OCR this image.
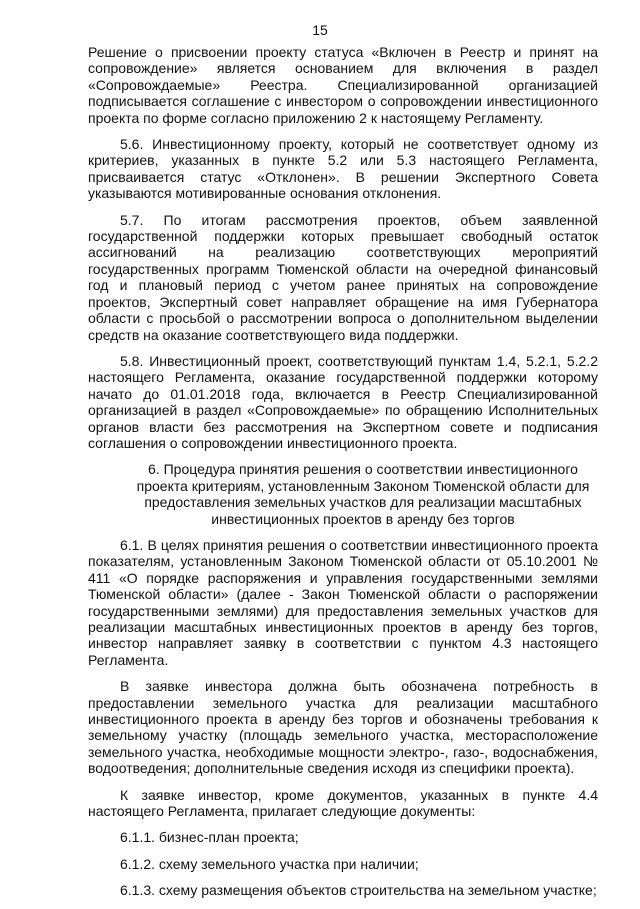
15

Решение о присвоении проекту статуса «Включен в Реестр и принят на сопровождение» является основанием для включения в раздел «Сопровождаемые» Реестра. Специализированной организацией подписывается соглашение с инвестором о сопровождении инвестиционного проекта по форме согласно приложению 2 к настоящему Регламенту.

5.6. Инвестиционному проекту, который не соответствует одному из критериев, указанных в пункте 5.2 или 5.3 настоящего Регламента, присваивается статус «Отклонен». В решении Экспертного Совета указываются мотивированные основания отклонения.

5.7. По итогам рассмотрения проектов, объем заявленной государственной поддержки которых превышает свободный остаток ассигнований на реализацию соответствующих мероприятий государственных программ Тюменской области на очередной финансовый год и плановый период с учетом ранее принятых на сопровождение проектов, Экспертный совет направляет обращение на имя Губернатора области с просьбой о рассмотрении вопроса о дополнительном выделении средств на оказание соответствующего вида поддержки.

5.8. Инвестиционный проект, соответствующий пунктам 1.4, 5.2.1, 5.2.2 настоящего Регламента, оказание государственной поддержки которому начато до 01.01.2018 года, включается в Реестр Специализированной организацией в раздел «Сопровождаемые» по обращению Исполнительных органов власти без рассмотрения на Экспертном совете и подписания соглашения о сопровождении инвестиционного проекта.

6. Процедура принятия решения о соответствии инвестиционного проекта критериям, установленным Законом Тюменской области для предоставления земельных участков для реализации масштабных инвестиционных проектов в аренду без торгов

6.1. В целях принятия решения о соответствии инвестиционного проекта показателям, установленным Законом Тюменской области от 05.10.2001 № 411 «О порядке распоряжения и управления государственными землями Тюменской области» (далее - Закон Тюменской области о распоряжении государственными землями) для предоставления земельных участков для реализации масштабных инвестиционных проектов в аренду без торгов, инвестор направляет заявку в соответствии с пунктом 4.3 настоящего Регламента.

В заявке инвестора должна быть обозначена потребность в предоставлении земельного участка для реализации масштабного инвестиционного проекта в аренду без торгов и обозначены требования к земельному участку (площадь земельного участка, месторасположение земельного участка, необходимые мощности электро-, газо-, водоснабжения, водоотведения; дополнительные сведения исходя из специфики проекта).

К заявке инвестор, кроме документов, указанных в пункте 4.4 настоящего Регламента, прилагает следующие документы:

6.1.1. бизнес-план проекта;

6.1.2. схему земельного участка при наличии;

6.1.3. схему размещения объектов строительства на земельном участке;
